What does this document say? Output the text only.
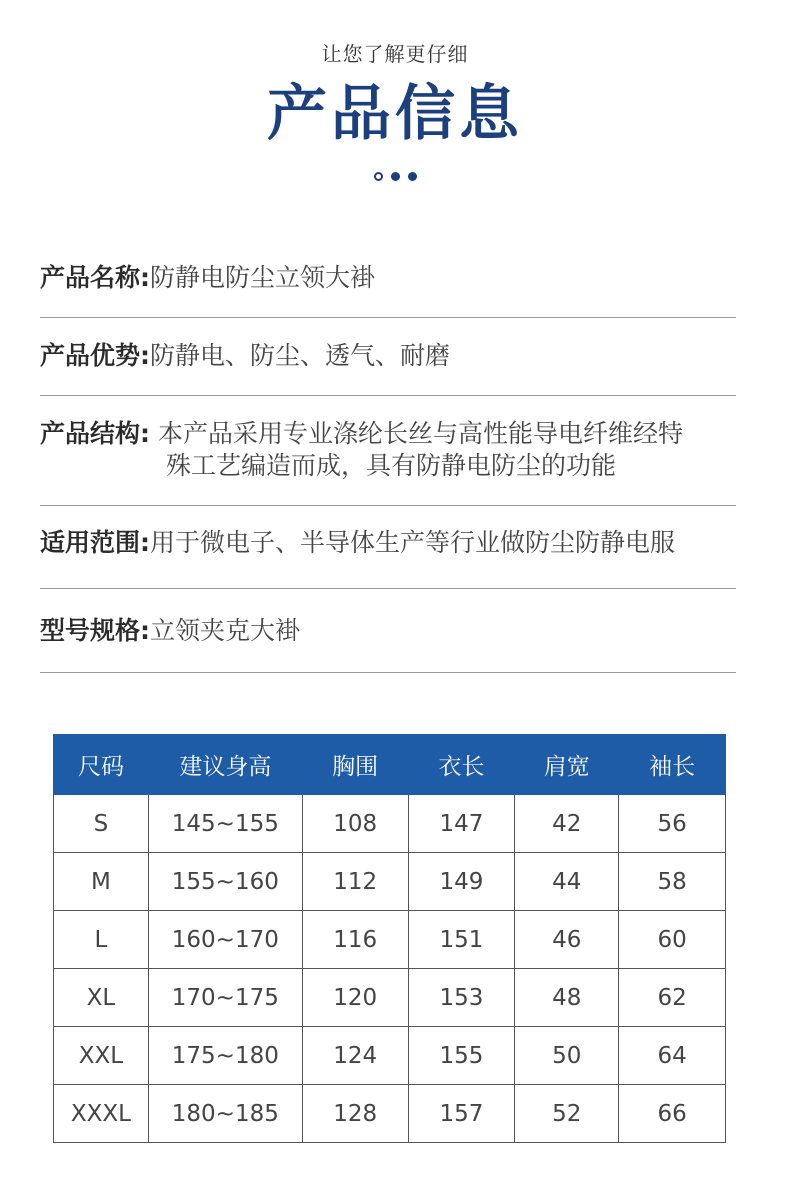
让您了解更仔细
产品信息
产品名称:防静电防尘立领大褂
产品优势:防静电、防尘、透气、耐磨
产品结构: 本产品采用专业涤纶长丝与高性能导电纤维经特
殊工艺编造而成，具有防静电防尘的功能
适用范围:用于微电子、半导体生产等行业做防尘防静电服
型号规格:立领夹克大褂
尺码	建议身高	胸围	衣长	肩宽	袖长
S	145~155	108	147	42	56
M	155~160	112	149	44	58
L	160~170	116	151	46	60
XL	170~175	120	153	48	62
XXL	175~180	124	155	50	64
XXXL	180~185	128	157	52	66
